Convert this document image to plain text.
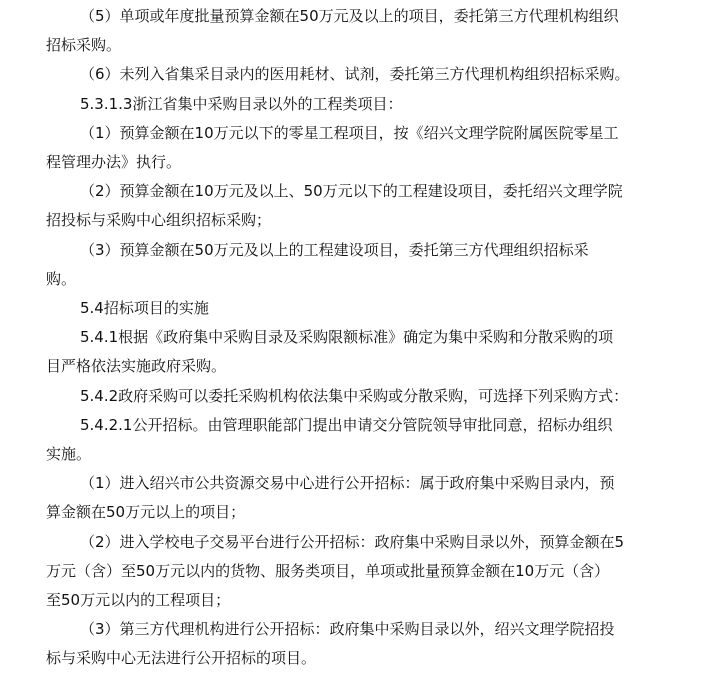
（5）单项或年度批量预算金额在50万元及以上的项目，委托第三方代理机构组织
招标采购。
（6）未列入省集采目录内的医用耗材、试剂，委托第三方代理机构组织招标采购。
5.3.1.3浙江省集中采购目录以外的工程类项目：
（1）预算金额在10万元以下的零星工程项目，按《绍兴文理学院附属医院零星工
程管理办法》执行。
（2）预算金额在10万元及以上、50万元以下的工程建设项目，委托绍兴文理学院
招投标与采购中心组织招标采购；
（3）预算金额在50万元及以上的工程建设项目，委托第三方代理组织招标采
购。
5.4招标项目的实施
5.4.1根据《政府集中采购目录及采购限额标准》确定为集中采购和分散采购的项
目严格依法实施政府采购。
5.4.2政府采购可以委托采购机构依法集中采购或分散采购，可选择下列采购方式：
5.4.2.1公开招标。由管理职能部门提出申请交分管院领导审批同意，招标办组织
实施。
（1）进入绍兴市公共资源交易中心进行公开招标：属于政府集中采购目录内，预
算金额在50万元以上的项目；
（2）进入学校电子交易平台进行公开招标：政府集中采购目录以外，预算金额在5
万元（含）至50万元以内的货物、服务类项目，单项或批量预算金额在10万元（含）
至50万元以内的工程项目；
（3）第三方代理机构进行公开招标：政府集中采购目录以外，绍兴文理学院招投
标与采购中心无法进行公开招标的项目。
